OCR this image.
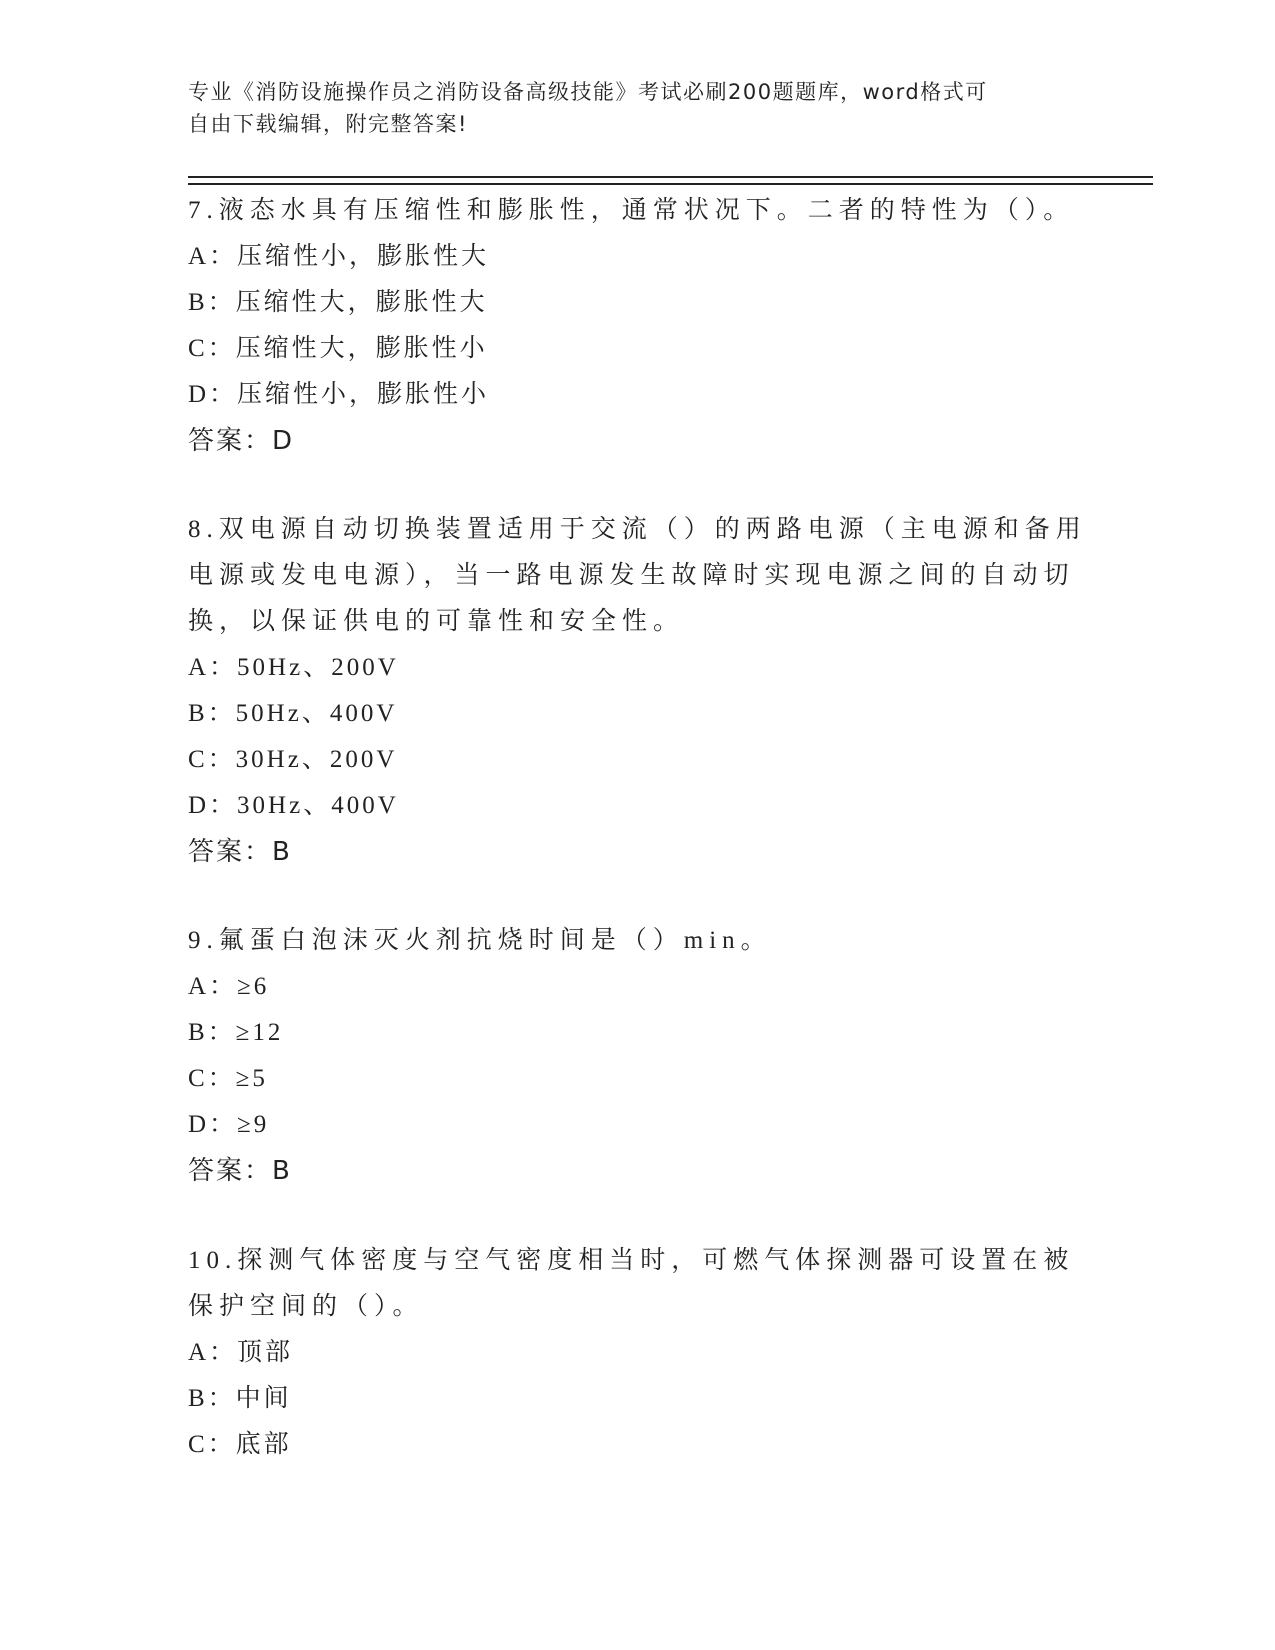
专业《消防设施操作员之消防设备高级技能》考试必刷200题题库，word格式可
自由下载编辑，附完整答案!

7.液态水具有压缩性和膨胀性，通常状况下。二者的特性为（）。

A：压缩性小，膨胀性大
B：压缩性大，膨胀性大
C：压缩性大，膨胀性小
D：压缩性小，膨胀性小
答案：D

8.双电源自动切换装置适用于交流（）的两路电源（主电源和备用电源或发电电源），当一路电源发生故障时实现电源之间的自动切换，以保证供电的可靠性和安全性。

A：50Hz、200V
B：50Hz、400V
C：30Hz、200V
D：30Hz、400V
答案：B

9.氟蛋白泡沫灭火剂抗烧时间是（）min。

A：≥6
B：≥12
C：≥5
D：≥9
答案：B

10.探测气体密度与空气密度相当时，可燃气体探测器可设置在被保护空间的（）。

A：顶部
B：中间
C：底部
